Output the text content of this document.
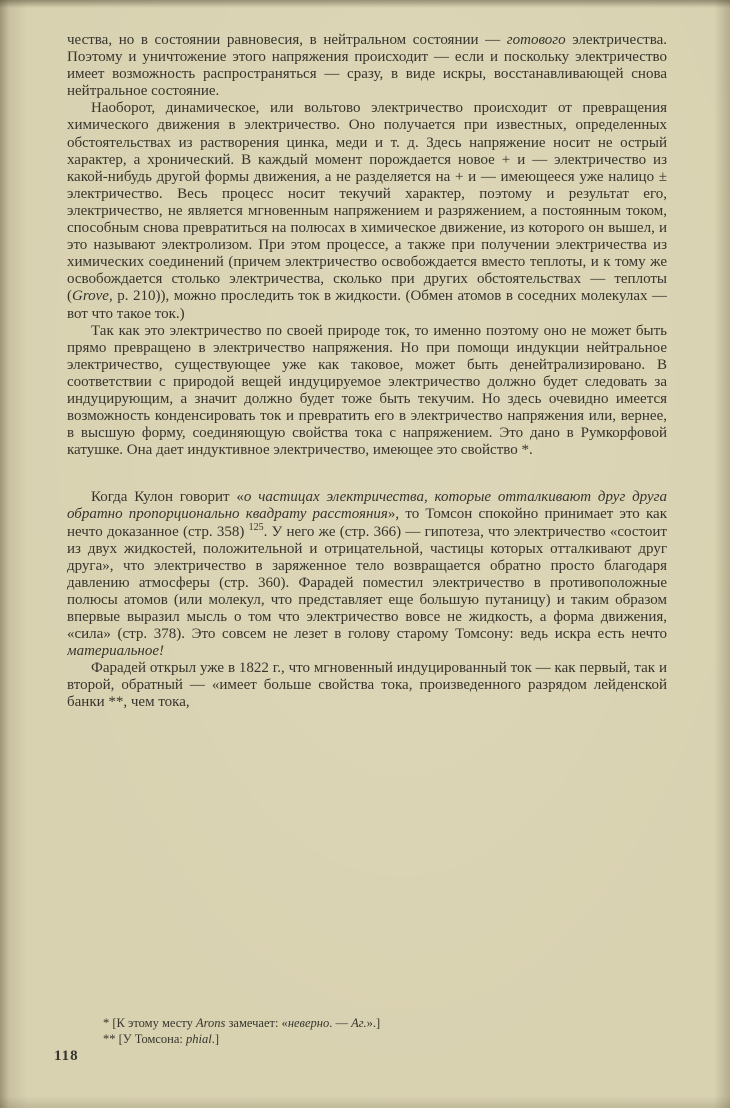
чества, но в состоянии равновесия, в нейтральном состоянии — готового электричества. Поэтому и уничтожение этого напряжения происходит — если и поскольку электричество имеет возможность распространяться — сразу, в виде искры, восстанавливающей снова нейтральное состояние.

Наоборот, динамическое, или вольтово электричество происходит от превращения химического движения в электричество. Оно получается при известных, определенных обстоятельствах из растворения цинка, меди и т. д. Здесь напряжение носит не острый характер, а хронический. В каждый момент порождается новое + и — электричество из какой-нибудь другой формы движения, а не разделяется на + и — имеющееся уже налицо ± электричество. Весь процесс носит текучий характер, поэтому и результат его, электричество, не является мгновенным напряжением и разряжением, а постоянным током, способным снова превратиться на полюсах в химическое движение, из которого он вышел, и это называют электролизом. При этом процессе, а также при получении электричества из химических соединений (причем электричество освобождается вместо теплоты, и к тому же освобождается столько электричества, сколько при других обстоятельствах — теплоты (Grove, p. 210)), можно проследить ток в жидкости. (Обмен атомов в соседних молекулах — вот что такое ток.)

Так как это электричество по своей природе ток, то именно поэтому оно не может быть прямо превращено в электричество напряжения. Но при помощи индукции нейтральное электричество, существующее уже как таковое, может быть денейтрализировано. В соответствии с природой вещей индуцируемое электричество должно будет следовать за индуцирующим, а значит должно будет тоже быть текучим. Но здесь очевидно имеется возможность конденсировать ток и превратить его в электричество напряжения или, вернее, в высшую форму, соединяющую свойства тока с напряжением. Это дано в Румкорфовой катушке. Она дает индуктивное электричество, имеющее это свойство *.

Когда Кулон говорит «о частицах электричества, которые отталкивают друг друга обратно пропорционально квадрату расстояния», то Томсон спокойно принимает это как нечто доказанное (стр. 358) $^{125}$. У него же (стр. 366) — гипотеза, что электричество «состоит из двух жидкостей, положительной и отрицательной, частицы которых отталкивают друг друга», что электричество в заряженное тело возвращается обратно просто благодаря давлению атмосферы (стр. 360). Фарадей поместил электричество в противоположные полюсы атомов (или молекул, что представляет еще большую путаницу) и таким образом впервые выразил мысль о том что электричество вовсе не жидкость, а форма движения, «сила» (стр. 378). Это совсем не лезет в голову старому Томсону: ведь искра есть нечто материальное!

Фарадей открыл уже в 1822 г., что мгновенный индуцированный ток — как первый, так и второй, обратный — «имеет больше свойства тока, произведенного разрядом лейденской банки **, чем тока,

* [К этому месту Arons замечает: «неверно. — Аг.».]

** [У Томсона: phial.]

118
